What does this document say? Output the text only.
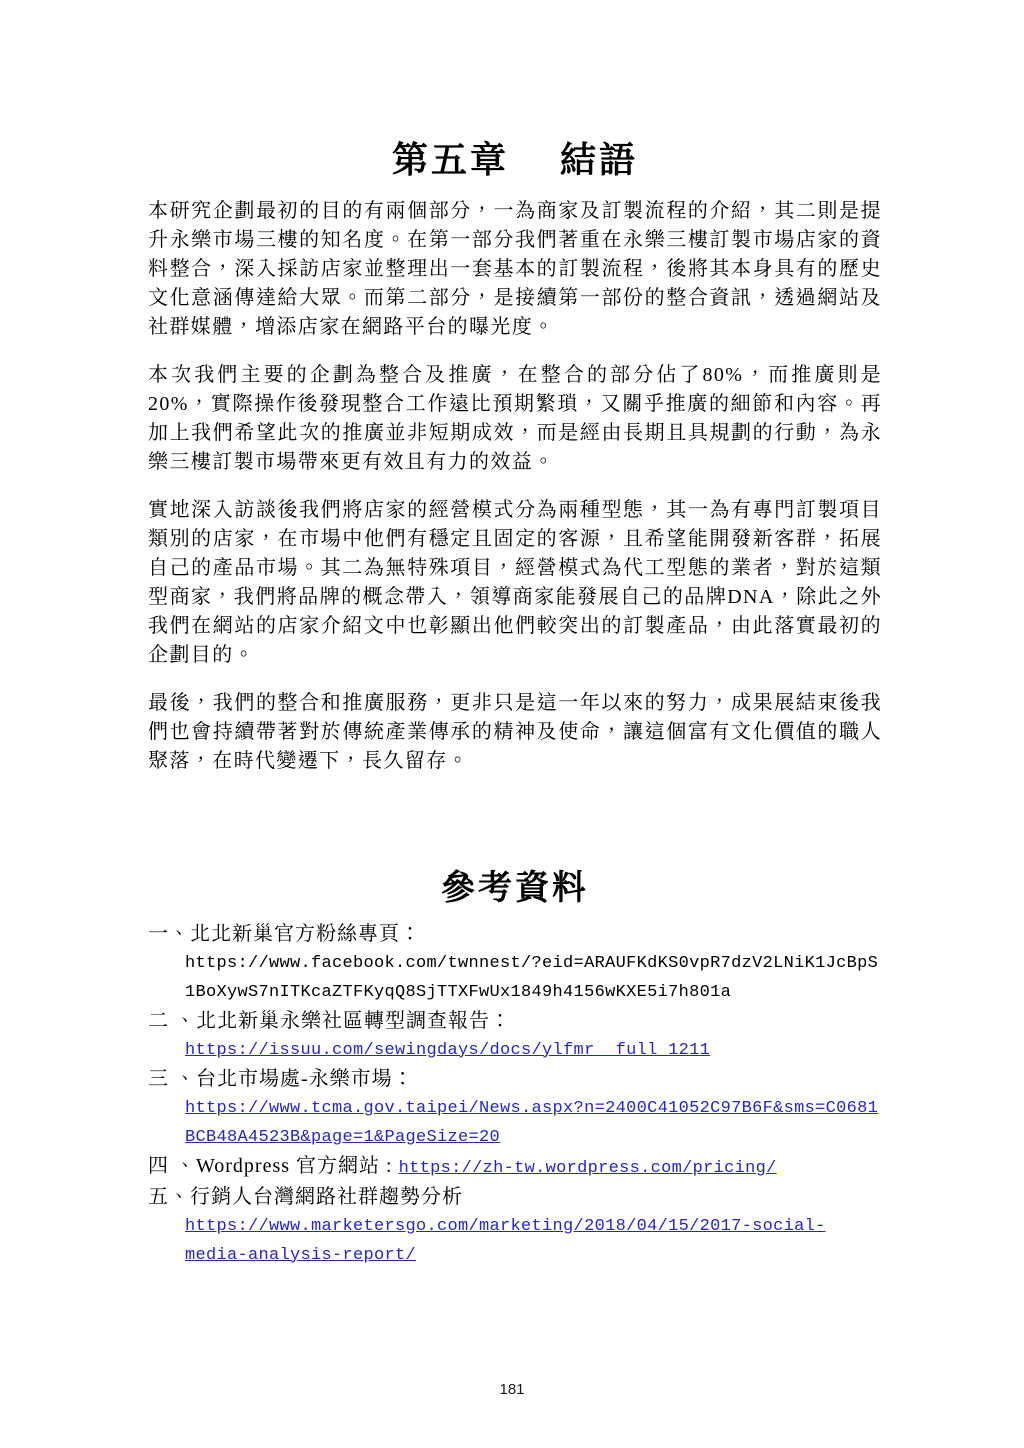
第五章　 結語

本研究企劃最初的目的有兩個部分，一為商家及訂製流程的介紹，其二則是提升永樂市場三樓的知名度。在第一部分我們著重在永樂三樓訂製市場店家的資料整合，深入採訪店家並整理出一套基本的訂製流程，後將其本身具有的歷史文化意涵傳達給大眾。而第二部分，是接續第一部份的整合資訊，透過網站及社群媒體，增添店家在網路平台的曝光度。

本次我們主要的企劃為整合及推廣，在整合的部分佔了80%，而推廣則是20%，實際操作後發現整合工作遠比預期繁瑣，又關乎推廣的細節和內容。再加上我們希望此次的推廣並非短期成效，而是經由長期且具規劃的行動，為永樂三樓訂製市場帶來更有效且有力的效益。

實地深入訪談後我們將店家的經營模式分為兩種型態，其一為有專門訂製項目類別的店家，在市場中他們有穩定且固定的客源，且希望能開發新客群，拓展自己的產品市場。其二為無特殊項目，經營模式為代工型態的業者，對於這類型商家，我們將品牌的概念帶入，領導商家能發展自己的品牌DNA，除此之外我們在網站的店家介紹文中也彰顯出他們較突出的訂製產品，由此落實最初的企劃目的。

最後，我們的整合和推廣服務，更非只是這一年以來的努力，成果展結束後我們也會持續帶著對於傳統產業傳承的精神及使命，讓這個富有文化價值的職人聚落，在時代變遷下，長久留存。

參考資料
一、北北新巢官方粉絲專頁：
https://www.facebook.com/twnnest/?eid=ARAUFKdKS0vpR7dzV2LNiK1JcBpS
1BoXywS7nITKcaZTFKyqQ8SjTTXFwUx1849h4156wKXE5i7h801a
二 、北北新巢永樂社區轉型調查報告：
https://issuu.com/sewingdays/docs/ylfmr__full_1211
三 、台北市場處-永樂市場：
https://www.tcma.gov.taipei/News.aspx?n=2400C41052C97B6F&sms=C0681
BCB48A4523B&page=1&PageSize=20
四 、Wordpress 官方網站 : https://zh-tw.wordpress.com/pricing/
五、行銷人台灣網路社群趨勢分析
https://www.marketersgo.com/marketing/2018/04/15/2017-social-
media-analysis-report/
181
